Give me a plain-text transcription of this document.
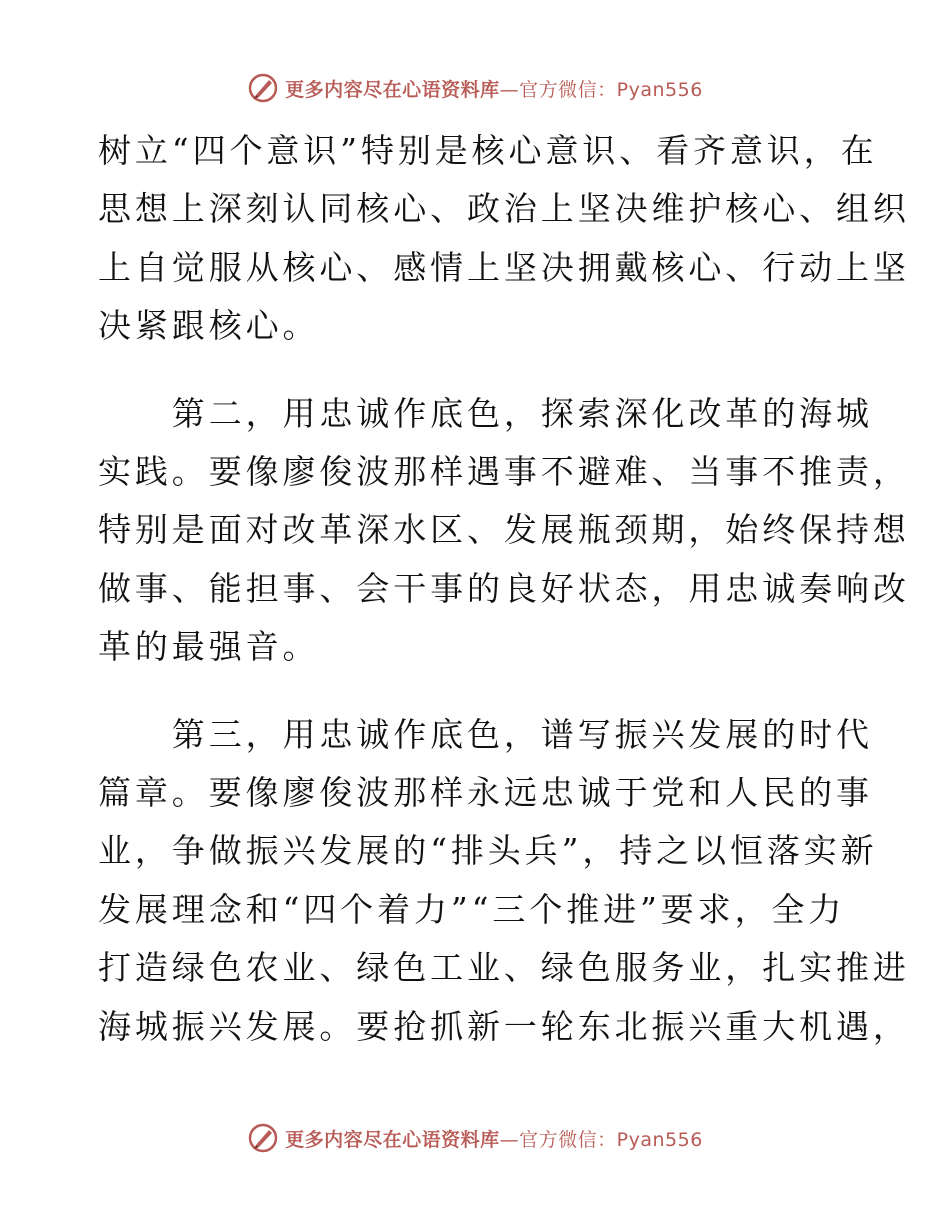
更多内容尽在心语资料库—官方微信：Pyan556

树立“四个意识”特别是核心意识、看齐意识，在
思想上深刻认同核心、政治上坚决维护核心、组织
上自觉服从核心、感情上坚决拥戴核心、行动上坚
决紧跟核心。

　　第二，用忠诚作底色，探索深化改革的海城
实践。要像廖俊波那样遇事不避难、当事不推责，
特别是面对改革深水区、发展瓶颈期，始终保持想
做事、能担事、会干事的良好状态，用忠诚奏响改
革的最强音。

　　第三，用忠诚作底色，谱写振兴发展的时代
篇章。要像廖俊波那样永远忠诚于党和人民的事
业，争做振兴发展的“排头兵”，持之以恒落实新
发展理念和“四个着力”“三个推进”要求，全力
打造绿色农业、绿色工业、绿色服务业，扎实推进
海城振兴发展。要抢抓新一轮东北振兴重大机遇，

更多内容尽在心语资料库—官方微信：Pyan556
